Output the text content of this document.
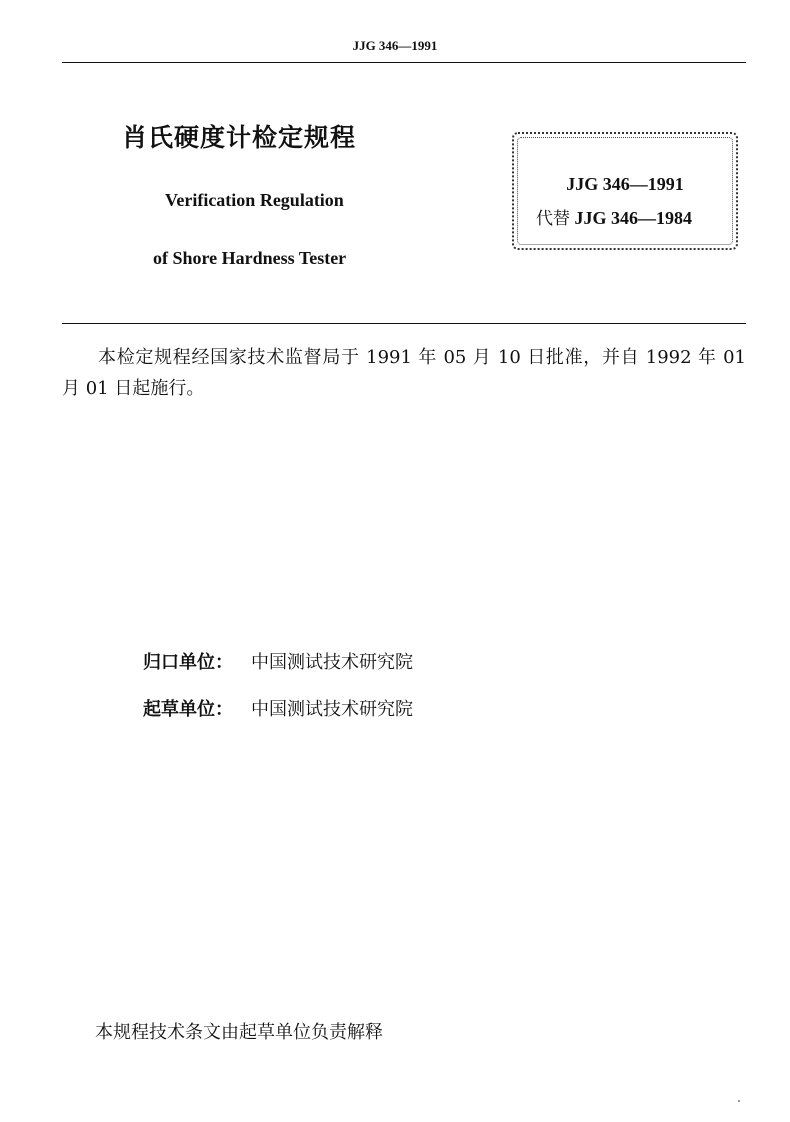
JJG 346—1991
肖氏硬度计检定规程
Verification Regulation
of Shore Hardness Tester
JJG 346—1991
代替 JJG 346—1984
本检定规程经国家技术监督局于 1991 年 05 月 10 日批准，并自 1992 年 01 月 01 日起施行。
归口单位： 中国测试技术研究院
起草单位： 中国测试技术研究院
本规程技术条文由起草单位负责解释
